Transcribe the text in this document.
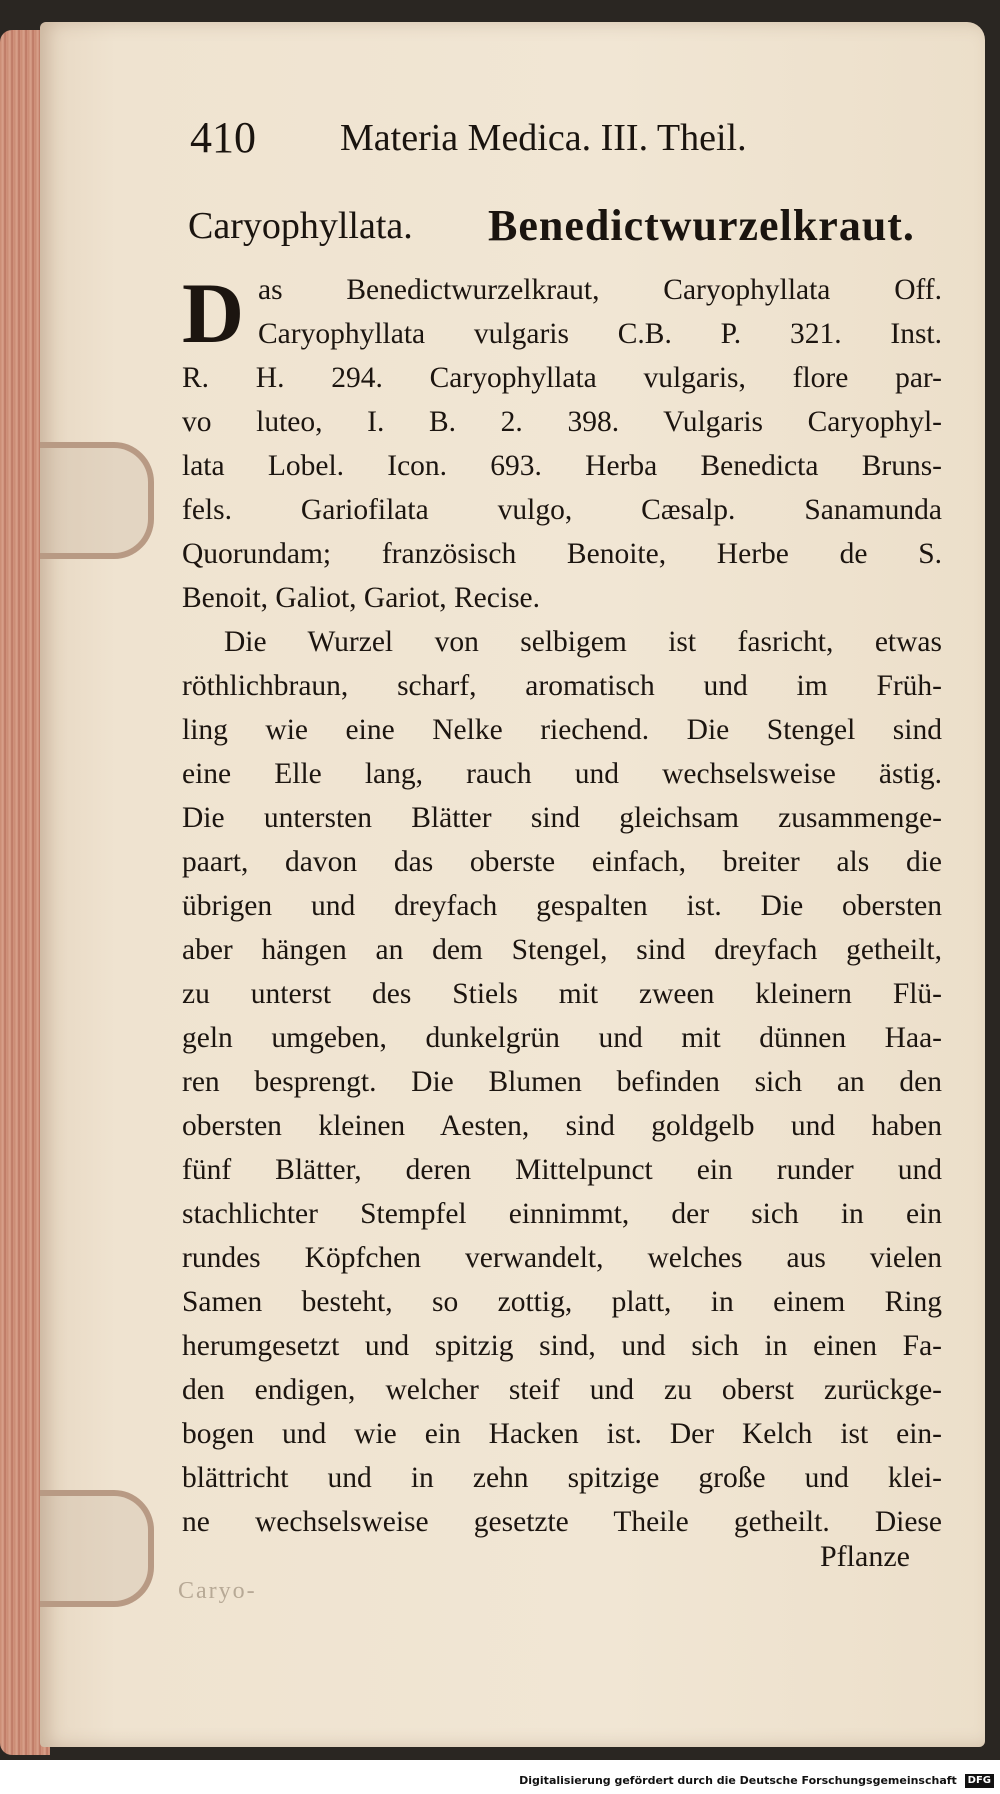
410 Materia Medica. III. Theil.
Caryophyllata. Benedictwurzelkraut.
D as Benedictwurzelkraut, Caryophyllata Off.
Caryophyllata vulgaris C.B. P. 321. Inst.
R. H. 294. Caryophyllata vulgaris, flore par-
vo luteo, I. B. 2. 398. Vulgaris Caryophyl-
lata Lobel. Icon. 693. Herba Benedicta Bruns-
fels. Gariofilata vulgo, Cæsalp. Sanamunda
Quorundam; französisch Benoite, Herbe de S.
Benoit, Galiot, Gariot, Recise.
Die Wurzel von selbigem ist fasricht, etwas
röthlichbraun, scharf, aromatisch und im Früh-
ling wie eine Nelke riechend. Die Stengel sind
eine Elle lang, rauch und wechselsweise ästig.
Die untersten Blätter sind gleichsam zusammenge-
paart, davon das oberste einfach, breiter als die
übrigen und dreyfach gespalten ist. Die obersten
aber hängen an dem Stengel, sind dreyfach getheilt,
zu unterst des Stiels mit zween kleinern Flü-
geln umgeben, dunkelgrün und mit dünnen Haa-
ren besprengt. Die Blumen befinden sich an den
obersten kleinen Aesten, sind goldgelb und haben
fünf Blätter, deren Mittelpunct ein runder und
stachlichter Stempfel einnimmt, der sich in ein
rundes Köpfchen verwandelt, welches aus vielen
Samen besteht, so zottig, platt, in einem Ring
herumgesetzt und spitzig sind, und sich in einen Fa-
den endigen, welcher steif und zu oberst zurückge-
bogen und wie ein Hacken ist. Der Kelch ist ein-
blättricht und in zehn spitzige große und klei-
ne wechselsweise gesetzte Theile getheilt. Diese
Pflanze
Caryo-
Digitalisierung gefördert durch die Deutsche Forschungsgemeinschaft DFG
